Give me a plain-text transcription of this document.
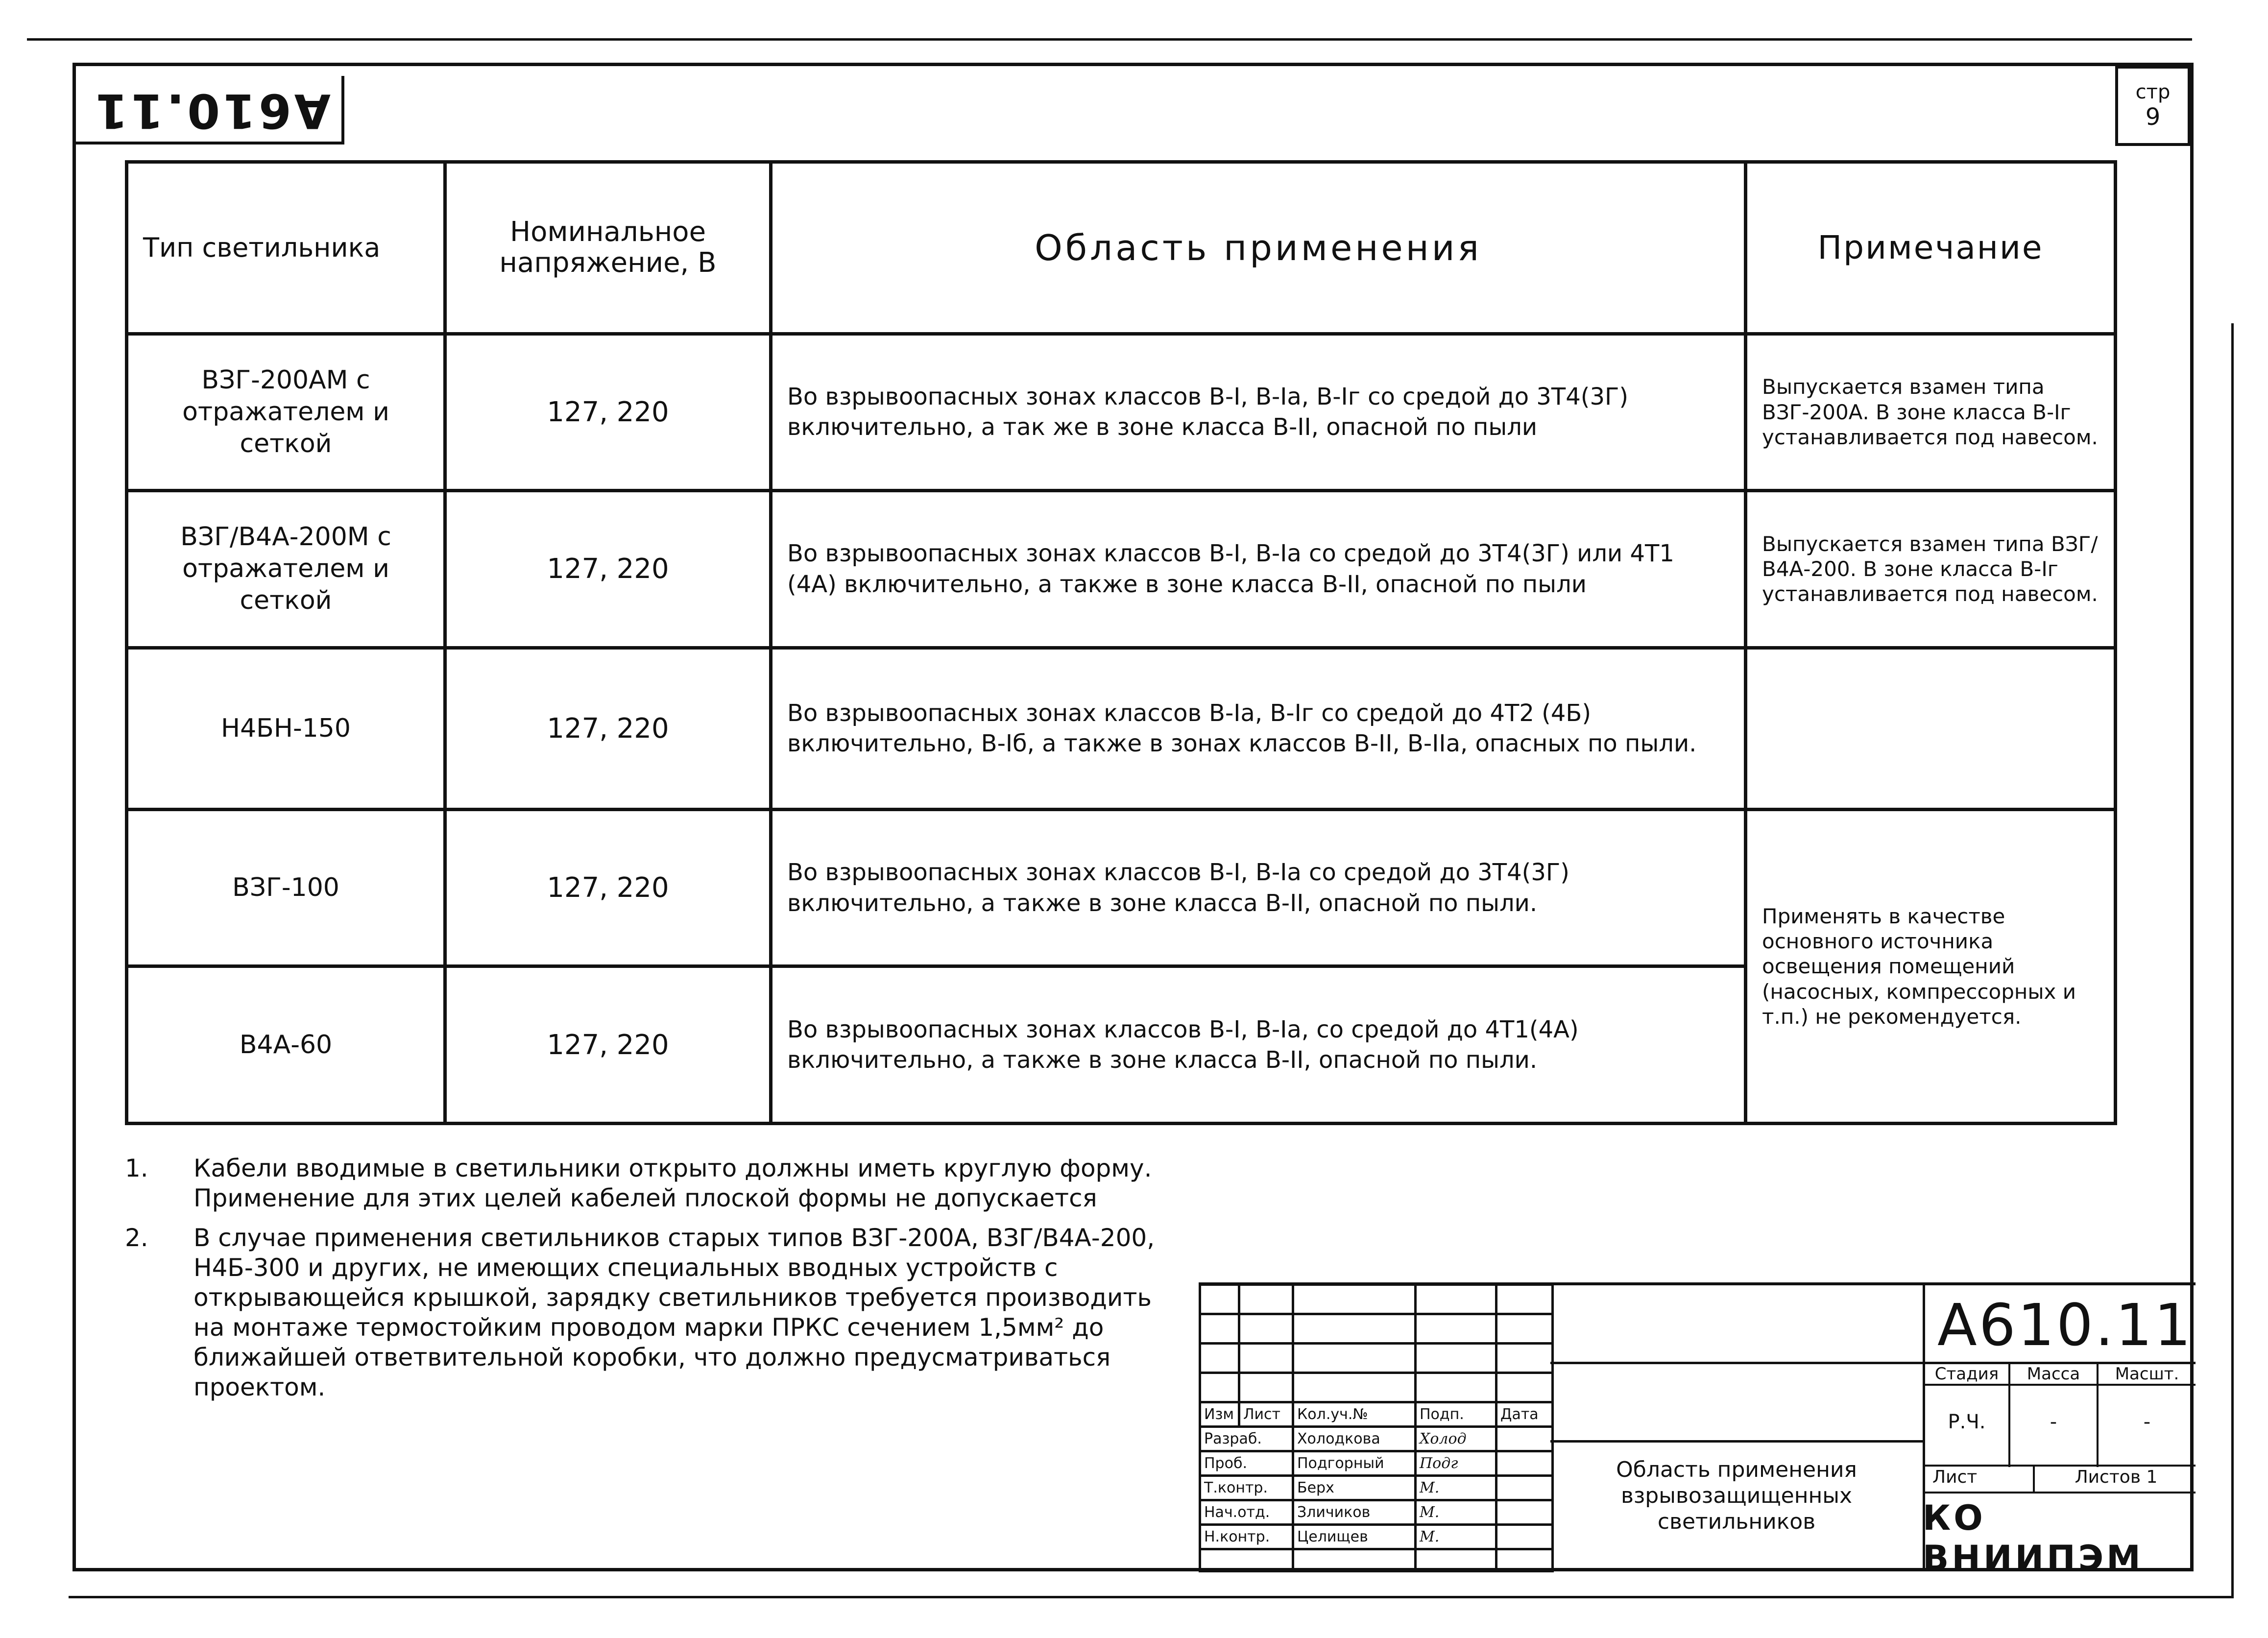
А610.
11	стр
9
Тип светильника	Номинальное напряжение, В	Область применения	Примечание
ВЗГ-200АМ с отражателем и сеткой	127, 220	Во взрывоопасных зонах классов В-I, В-Iа, В-Iг со средой до 3Т4(3Г) включительно, а так же в зоне класса В-II, опасной по пыли	Выпускается взамен типа ВЗГ-200А. В зоне класса В-Iг устанавливается под навесом.
ВЗГ/В4А-200М с отражателем и сеткой	127, 220	Во взрывоопасных зонах классов В-I, В-Iа со средой до 3Т4(3Г) или 4Т1 (4А) включительно, а также в зоне класса В-II, опасной по пыли	Выпускается взамен типа ВЗГ/В4А-200. В зоне класса В-Iг устанавливается под навесом.
Н4БН-150	127, 220	Во взрывоопасных зонах классов В-Iа, В-Iг со средой до 4Т2 (4Б) включительно, В-Iб, а также в зонах классов В-II, В-IIа, опасных по пыли.	
ВЗГ-100	127, 220	Во взрывоопасных зонах классов В-I, В-Iа со средой до 3Т4(3Г) включительно, а также в зоне класса В-II, опасной по пыли.	Применять в качестве основного источника освещения помещений (насосных, компрессорных и т.п.) не рекомендуется.
В4А-60	127, 220	Во взрывоопасных зонах классов В-I, В-Iа, со средой до 4Т1(4А) включительно, а также в зоне класса В-II, опасной по пыли.	
1.	Кабели вводимые в светильники открыто должны иметь круглую форму. Применение для этих целей кабелей плоской формы не допускается
2.	В случае применения светильников старых типов ВЗГ-200А, ВЗГ/В4А-200, Н4Б-300 и других, не имеющих специальных вводных устройств с открывающейся крышкой, зарядку светильников требуется производить на монтаже термостойким проводом марки ПРКС сечением 1,5мм² до ближайшей ответвительной коробки, что должно предусматриваться проектом.

Изм	Лист	Кол.уч.№	Подп.	Дата
Разраб.		Холодкова	Холод	
Проб.		Подгорный	Подг	
Т.контр.		Берх	М.	
Нач.отд.		Зличиков	М.	
Н.контр.		Целищев	М.	

Область применения взрывозащищенных светильников
А610. 11
Стадия	Масса	Масшт.
Р.Ч.	-	-
Лист	Листов 1
КО ВНИИПЭМ
